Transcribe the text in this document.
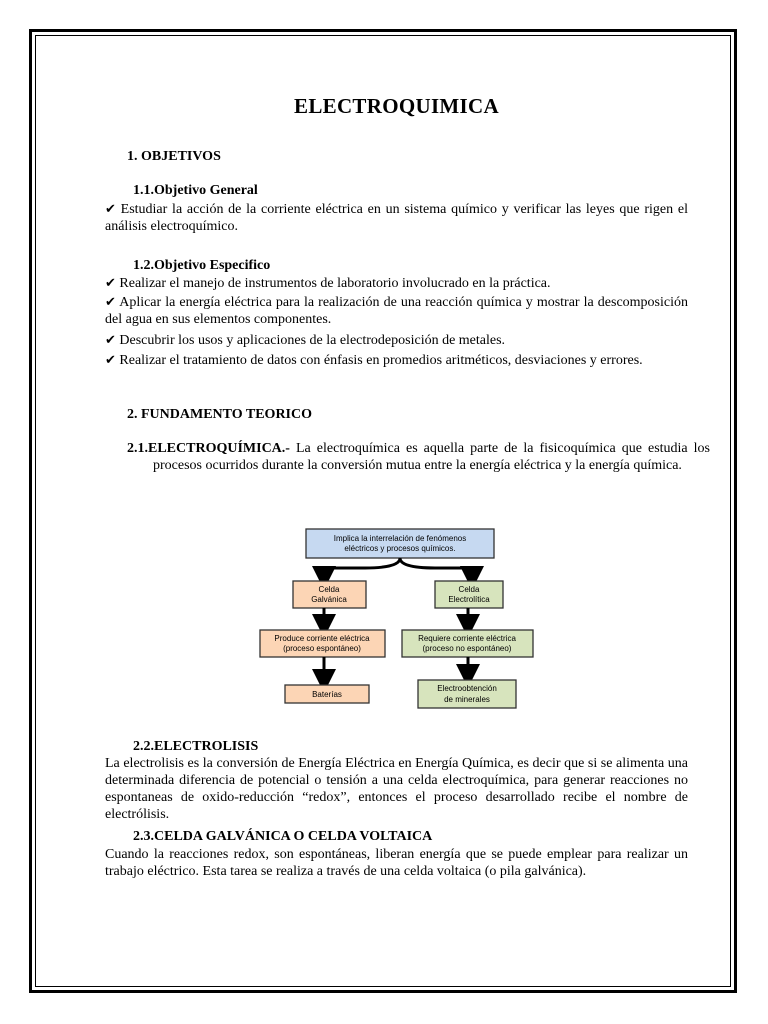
ELECTROQUIMICA
1. OBJETIVOS
1.1.Objetivo General
✔ Estudiar la acción de la corriente eléctrica en un sistema químico y verificar las leyes que rigen el análisis electroquímico.
1.2.Objetivo Especifico
✔ Realizar el manejo de instrumentos de laboratorio involucrado en la práctica.
✔ Aplicar la energía eléctrica para la realización de una reacción química y mostrar la descomposición del agua en sus elementos componentes.
✔ Descubrir los usos y aplicaciones de la electrodeposición de metales.
✔ Realizar el tratamiento de datos con énfasis en promedios aritméticos, desviaciones y errores.
2. FUNDAMENTO TEORICO
2.1.ELECTROQUÍMICA.- La electroquímica es aquella parte de la fisicoquímica que estudia los procesos ocurridos durante la conversión mutua entre la energía eléctrica y la energía química.
Implica la interrelación de fenómenos
eléctricos y procesos químicos.
Celda
Galvánica
Celda
Electrolítica
Produce corriente eléctrica
(proceso espontáneo)
Requiere corriente eléctrica
(proceso no espontáneo)
Baterías
Electroobtención
de minerales
2.2.ELECTROLISIS
La electrolisis es la conversión de Energía Eléctrica en Energía Química, es decir que si se alimenta una determinada diferencia de potencial o tensión a una celda electroquímica, para generar reacciones no espontaneas de oxido-reducción “redox”, entonces el proceso desarrollado recibe el nombre de electrólisis.
2.3.CELDA GALVÁNICA O CELDA VOLTAICA
Cuando la reacciones redox, son espontáneas, liberan energía que se puede emplear para realizar un trabajo eléctrico. Esta tarea se realiza a través de una celda voltaica (o pila galvánica).
